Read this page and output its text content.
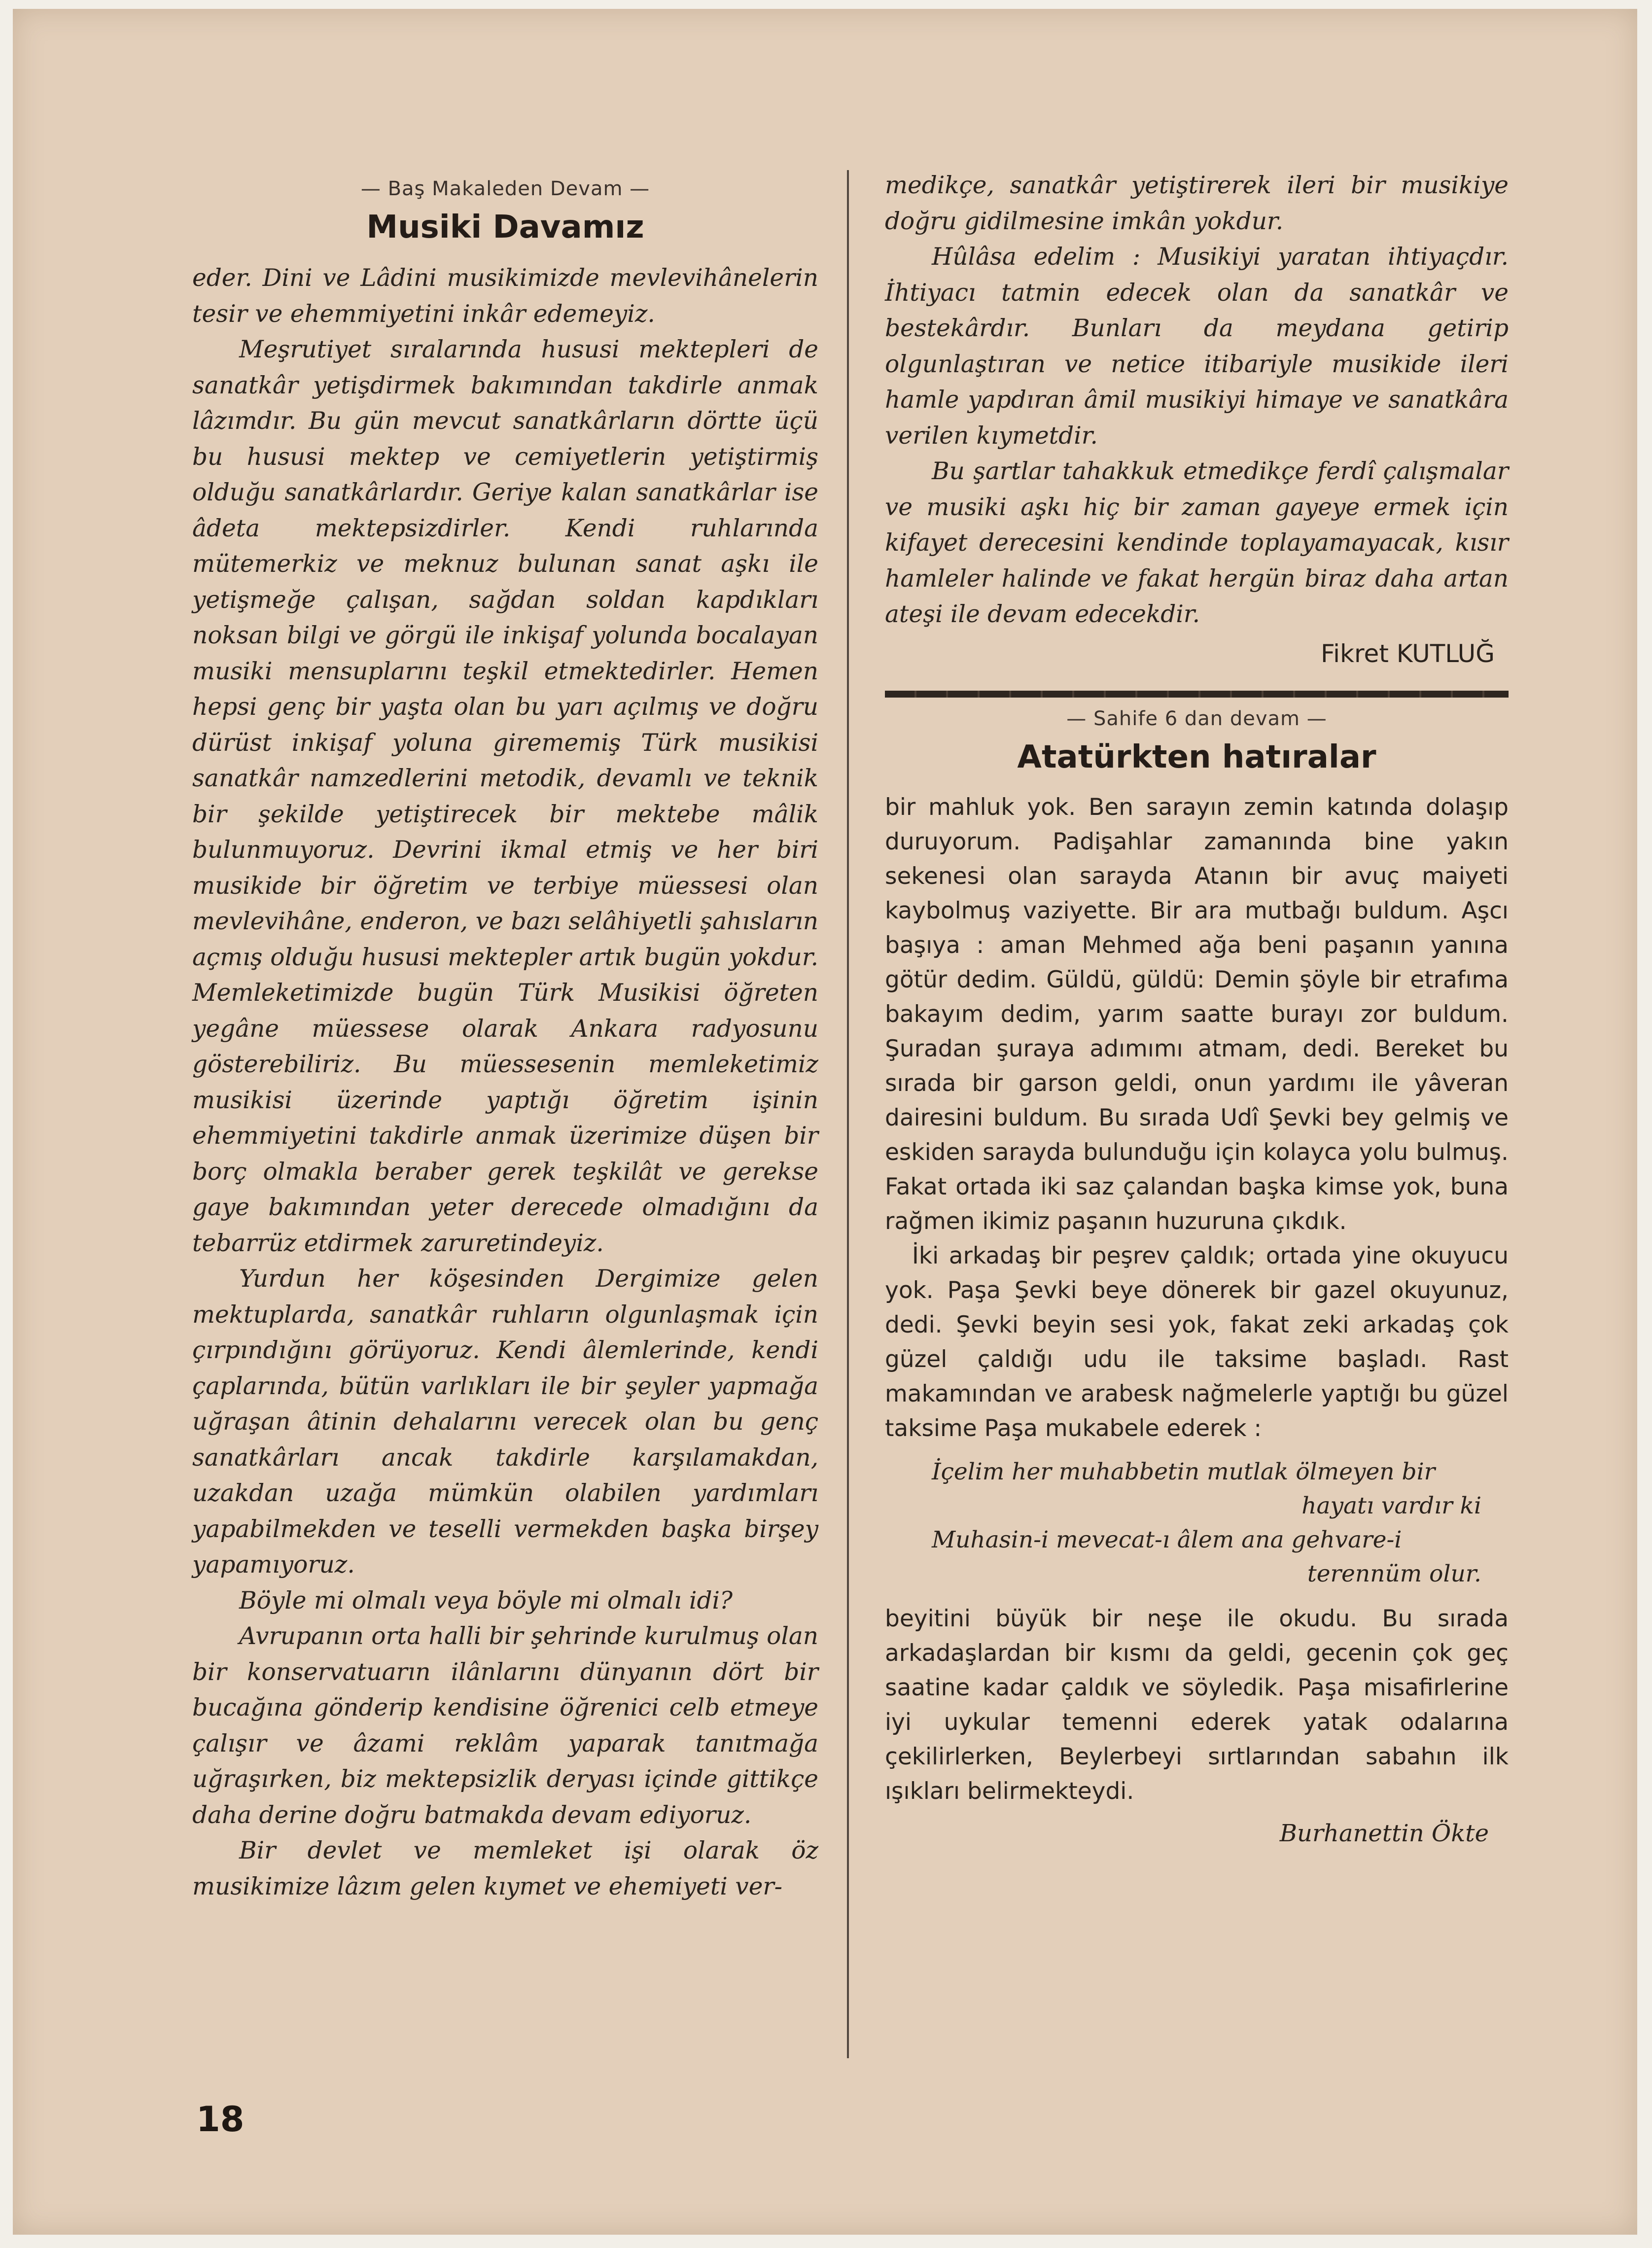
— Baş Makaleden Devam —
Musiki Davamız

eder. Dini ve Lâdini musikimizde mevlevihânelerin tesir ve ehemmiyetini inkâr edemeyiz.

Meşrutiyet sıralarında hususi mektepleri de sanatkâr yetişdirmek bakımından takdirle anmak lâzımdır. Bu gün mevcut sanatkârların dörtte üçü bu hususi mektep ve cemiyetlerin yetiştirmiş olduğu sanatkârlardır. Geriye kalan sanatkârlar ise âdeta mektepsizdirler. Kendi ruhlarında mütemerkiz ve meknuz bulunan sanat aşkı ile yetişmeğe çalışan, sağdan soldan kapdıkları noksan bilgi ve görgü ile inkişaf yolunda bocalayan musiki mensuplarını teşkil etmektedirler. Hemen hepsi genç bir yaşta olan bu yarı açılmış ve doğru dürüst inkişaf yoluna girememiş Türk musikisi sanatkâr namzedlerini metodik, devamlı ve teknik bir şekilde yetiştirecek bir mektebe mâlik bulunmuyoruz. Devrini ikmal etmiş ve her biri musikide bir öğretim ve terbiye müessesi olan mevlevihâne, enderon, ve bazı selâhiyetli şahısların açmış olduğu hususi mektepler artık bugün yokdur. Memleketimizde bugün Türk Musikisi öğreten yegâne müessese olarak Ankara radyosunu gösterebiliriz. Bu müessesenin memleketimiz musikisi üzerinde yaptığı öğretim işinin ehemmiyetini takdirle anmak üzerimize düşen bir borç olmakla beraber gerek teşkilât ve gerekse gaye bakımından yeter derecede olmadığını da tebarrüz etdirmek zaruretindeyiz.

Yurdun her köşesinden Dergimize gelen mektuplarda, sanatkâr ruhların olgunlaşmak için çırpındığını görüyoruz. Kendi âlemlerinde, kendi çaplarında, bütün varlıkları ile bir şeyler yapmağa uğraşan âtinin dehalarını verecek olan bu genç sanatkârları ancak takdirle karşılamakdan, uzakdan uzağa mümkün olabilen yardımları yapabilmekden ve teselli vermekden başka birşey yapamıyoruz.

Böyle mi olmalı veya böyle mi olmalı idi?

Avrupanın orta halli bir şehrinde kurulmuş olan bir konservatuarın ilânlarını dünyanın dört bir bucağına gönderip kendisine öğrenici celb etmeye çalışır ve âzami reklâm yaparak tanıtmağa uğraşırken, biz mektepsizlik deryası içinde gittikçe daha derine doğru batmakda devam ediyoruz.

Bir devlet ve memleket işi olarak öz musikimize lâzım gelen kıymet ve ehemiyeti ver-

medikçe, sanatkâr yetiştirerek ileri bir musikiye doğru gidilmesine imkân yokdur.

Hûlâsa edelim : Musikiyi yaratan ihtiyaçdır. İhtiyacı tatmin edecek olan da sanatkâr ve bestekârdır. Bunları da meydana getirip olgunlaştıran ve netice itibariyle musikide ileri hamle yapdıran âmil musikiyi himaye ve sanatkâra verilen kıymetdir.

Bu şartlar tahakkuk etmedikçe ferdî çalışmalar ve musiki aşkı hiç bir zaman gayeye ermek için kifayet derecesini kendinde toplayamayacak, kısır hamleler halinde ve fakat hergün biraz daha artan ateşi ile devam edecekdir.

Fikret KUTLUĞ
— Sahife 6 dan devam —
Atatürkten hatıralar

bir mahluk yok. Ben sarayın zemin katında dolaşıp duruyorum. Padişahlar zamanında bine yakın sekenesi olan sarayda Atanın bir avuç maiyeti kaybolmuş vaziyette. Bir ara mutbağı buldum. Aşcı başıya : aman Mehmed ağa beni paşanın yanına götür dedim. Güldü, güldü: Demin şöyle bir etrafıma bakayım dedim, yarım saatte burayı zor buldum. Şuradan şuraya adımımı atmam, dedi. Bereket bu sırada bir garson geldi, onun yardımı ile yâveran dairesini buldum. Bu sırada Udî Şevki bey gelmiş ve eskiden sarayda bulunduğu için kolayca yolu bulmuş. Fakat ortada iki saz çalandan başka kimse yok, buna rağmen ikimiz paşanın huzuruna çıkdık.

İki arkadaş bir peşrev çaldık; ortada yine okuyucu yok. Paşa Şevki beye dönerek bir gazel okuyunuz, dedi. Şevki beyin sesi yok, fakat zeki arkadaş çok güzel çaldığı udu ile taksime başladı. Rast makamından ve arabesk nağmelerle yaptığı bu güzel taksime Paşa mukabele ederek :

İçelim her muhabbetin mutlak ölmeyen bir
hayatı vardır ki
Muhasin-i mevecat-ı âlem ana gehvare-i
terennüm olur.

beyitini büyük bir neşe ile okudu. Bu sırada arkadaşlardan bir kısmı da geldi, gecenin çok geç saatine kadar çaldık ve söyledik. Paşa misafirlerine iyi uykular temenni ederek yatak odalarına çekilirlerken, Beylerbeyi sırtlarından sabahın ilk ışıkları belirmekteydi.

Burhanettin Ökte
18
